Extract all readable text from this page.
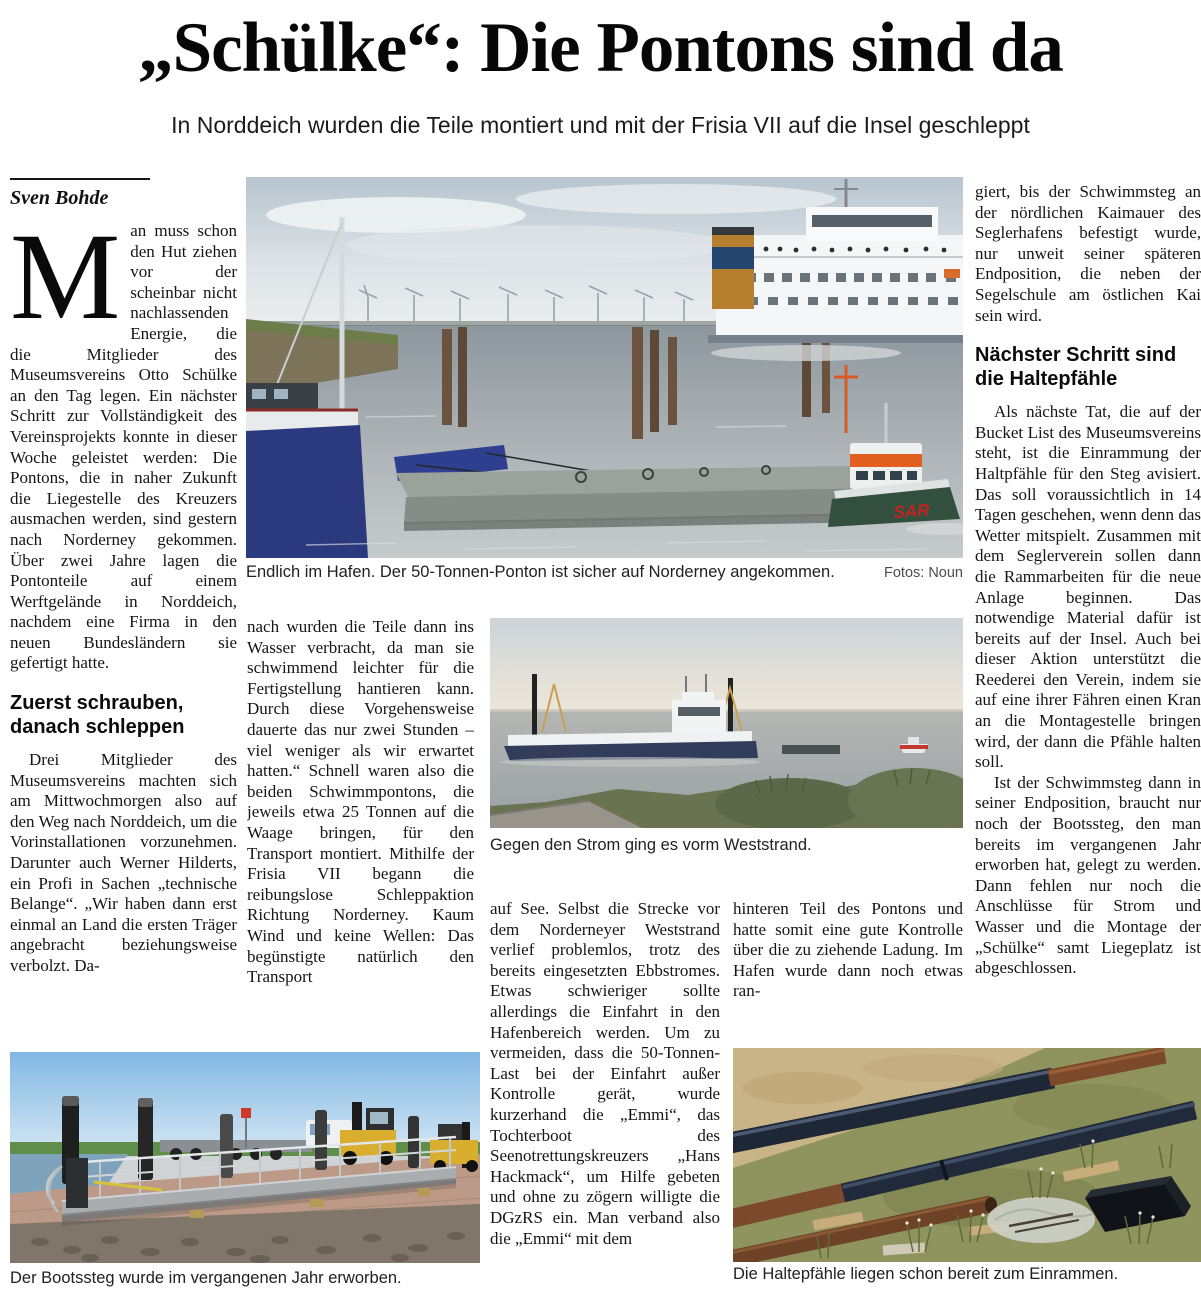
„Schülke“: Die Pontons sind da
In Norddeich wurden die Teile montiert und mit der Frisia VII auf die Insel geschleppt
Sven Bohde

Man muss schon den Hut ziehen vor der scheinbar nicht nachlassenden Energie, die die Mitglieder des Museumsvereins Otto Schülke an den Tag legen. Ein nächster Schritt zur Vollständigkeit des Vereinsprojekts konnte in dieser Woche geleistet werden: Die Pontons, die in naher Zukunft die Liegestelle des Kreuzers ausmachen werden, sind gestern nach Norderney gekommen. Über zwei Jahre lagen die Pontonteile auf einem Werftgelände in Norddeich, nachdem eine Firma in den neuen Bundesländern sie gefertigt hatte.

Zuerst schrauben, danach schleppen

Drei Mitglieder des Museumsvereins machten sich am Mittwochmorgen also auf den Weg nach Norddeich, um die Vorinstallationen vorzunehmen. Darunter auch Werner Hilderts, ein Profi in Sachen „technische Belange“. „Wir haben dann erst einmal an Land die ersten Träger angebracht beziehungsweise verbolzt. Da-

SAR
Endlich im Hafen. Der 50-Tonnen-Ponton ist sicher auf Norderney angekommen.	Fotos: Noun

nach wurden die Teile dann ins Wasser verbracht, da man sie schwimmend leichter für die Fertigstellung hantieren kann. Durch diese Vorgehensweise dauerte das nur zwei Stunden – viel weniger als wir erwartet hatten.“ Schnell waren also die beiden Schwimmpontons, die jeweils etwa 25 Tonnen auf die Waage bringen, für den Transport montiert. Mithilfe der Frisia VII begann die reibungslose Schleppaktion Richtung Norderney. Kaum Wind und keine Wellen: Das begünstigte natürlich den Transport

Gegen den Strom ging es vorm Weststrand.

auf See. Selbst die Strecke vor dem Norderneyer Weststrand verlief problemlos, trotz des bereits eingesetzten Ebbstromes. Etwas schwieriger sollte allerdings die Einfahrt in den Hafenbereich werden. Um zu vermeiden, dass die 50-Tonnen-Last bei der Einfahrt außer Kontrolle gerät, wurde kurzerhand die „Emmi“, das Tochterboot des Seenotrettungskreuzers „Hans Hackmack“, um Hilfe gebeten und ohne zu zögern willigte die DGzRS ein. Man verband also die „Emmi“ mit dem

hinteren Teil des Pontons und hatte somit eine gute Kontrolle über die zu ziehende Ladung. Im Hafen wurde dann noch etwas ran-

giert, bis der Schwimmsteg an der nördlichen Kaimauer des Seglerhafens befestigt wurde, nur unweit seiner späteren Endposition, die neben der Segelschule am östlichen Kai sein wird.

Nächster Schritt sind die Haltepfähle

Als nächste Tat, die auf der Bucket List des Museumsvereins steht, ist die Einrammung der Haltpfähle für den Steg avisiert. Das soll voraussichtlich in 14 Tagen geschehen, wenn denn das Wetter mitspielt. Zusammen mit dem Seglerverein sollen dann die Rammarbeiten für die neue Anlage beginnen. Das notwendige Material dafür ist bereits auf der Insel. Auch bei dieser Aktion unterstützt die Reederei den Verein, indem sie auf eine ihrer Fähren einen Kran an die Montagestelle bringen wird, der dann die Pfähle halten soll.

Ist der Schwimmsteg dann in seiner Endposition, braucht nur noch der Bootssteg, den man bereits im vergangenen Jahr erworben hat, gelegt zu werden. Dann fehlen nur noch die Anschlüsse für Strom und Wasser und die Montage der „Schülke“ samt Liegeplatz ist abgeschlossen.

Der Bootssteg wurde im vergangenen Jahr erworben.	Die Haltepfähle liegen schon bereit zum Einrammen.
